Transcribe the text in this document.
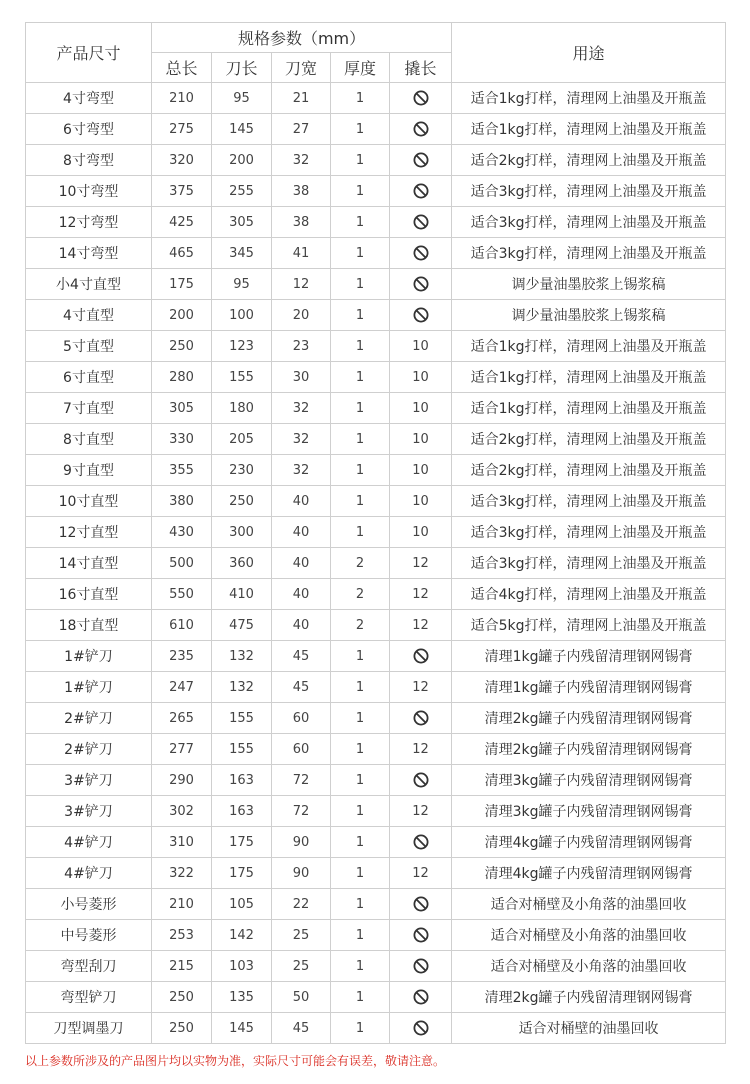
产品尺寸	规格参数（mm）					用途
	总长	刀长	刀宽	厚度	撬长	
4寸弯型	210	95	21	1		适合1kg打样，清理网上油墨及开瓶盖
6寸弯型	275	145	27	1		适合1kg打样，清理网上油墨及开瓶盖
8寸弯型	320	200	32	1		适合2kg打样，清理网上油墨及开瓶盖
10寸弯型	375	255	38	1		适合3kg打样，清理网上油墨及开瓶盖
12寸弯型	425	305	38	1		适合3kg打样，清理网上油墨及开瓶盖
14寸弯型	465	345	41	1		适合3kg打样，清理网上油墨及开瓶盖
小4寸直型	175	95	12	1		调少量油墨胶浆上锡浆稿
4寸直型	200	100	20	1		调少量油墨胶浆上锡浆稿
5寸直型	250	123	23	1	10	适合1kg打样，清理网上油墨及开瓶盖
6寸直型	280	155	30	1	10	适合1kg打样，清理网上油墨及开瓶盖
7寸直型	305	180	32	1	10	适合1kg打样，清理网上油墨及开瓶盖
8寸直型	330	205	32	1	10	适合2kg打样，清理网上油墨及开瓶盖
9寸直型	355	230	32	1	10	适合2kg打样，清理网上油墨及开瓶盖
10寸直型	380	250	40	1	10	适合3kg打样，清理网上油墨及开瓶盖
12寸直型	430	300	40	1	10	适合3kg打样，清理网上油墨及开瓶盖
14寸直型	500	360	40	2	12	适合3kg打样，清理网上油墨及开瓶盖
16寸直型	550	410	40	2	12	适合4kg打样，清理网上油墨及开瓶盖
18寸直型	610	475	40	2	12	适合5kg打样，清理网上油墨及开瓶盖
1#铲刀	235	132	45	1		清理1kg罐子内残留清理钢网锡膏
1#铲刀	247	132	45	1	12	清理1kg罐子内残留清理钢网锡膏
2#铲刀	265	155	60	1		清理2kg罐子内残留清理钢网锡膏
2#铲刀	277	155	60	1	12	清理2kg罐子内残留清理钢网锡膏
3#铲刀	290	163	72	1		清理3kg罐子内残留清理钢网锡膏
3#铲刀	302	163	72	1	12	清理3kg罐子内残留清理钢网锡膏
4#铲刀	310	175	90	1		清理4kg罐子内残留清理钢网锡膏
4#铲刀	322	175	90	1	12	清理4kg罐子内残留清理钢网锡膏
小号菱形	210	105	22	1		适合对桶壁及小角落的油墨回收
中号菱形	253	142	25	1		适合对桶壁及小角落的油墨回收
弯型刮刀	215	103	25	1		适合对桶壁及小角落的油墨回收
弯型铲刀	250	135	50	1		清理2kg罐子内残留清理钢网锡膏
刀型调墨刀	250	145	45	1		适合对桶壁的油墨回收
以上参数所涉及的产品图片均以实物为准，实际尺寸可能会有误差，敬请注意。
